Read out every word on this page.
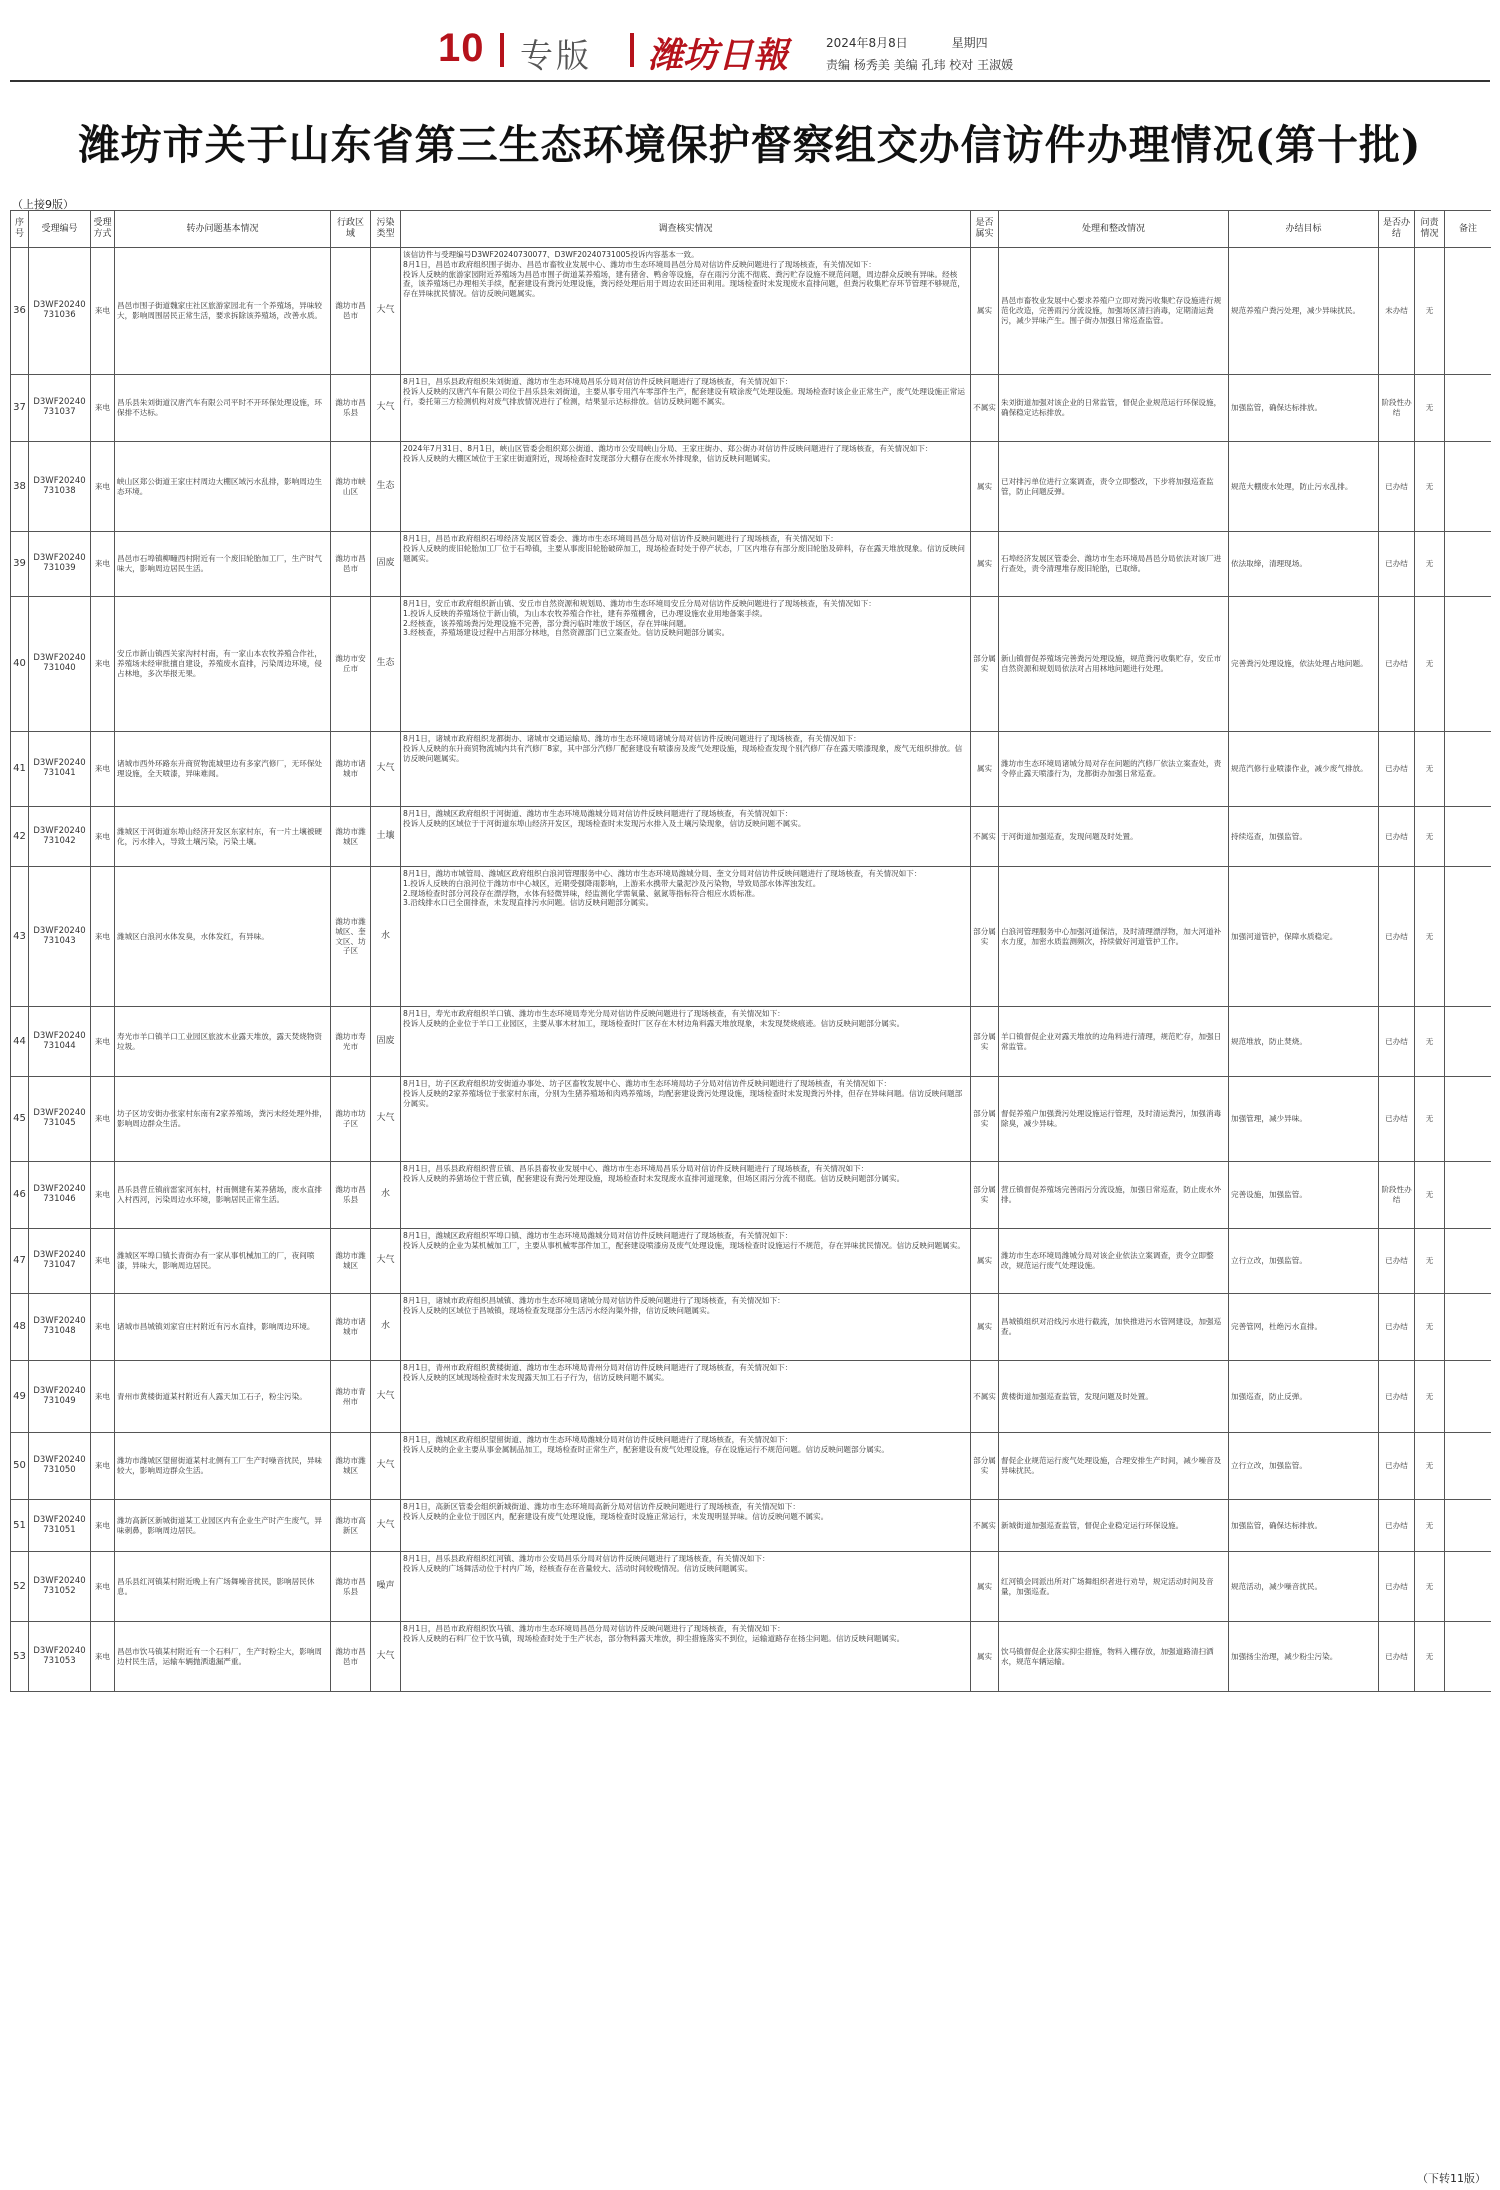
10 专版 潍坊日報	2024年8月8日	星期四
责编 杨秀美 美编 孔玮 校对 王淑媛
潍坊市关于山东省第三生态环境保护督察组交办信访件办理情况(第十批)
（上接9版）
序号	受理编号	受理方式	转办问题基本情况	行政区域	污染类型	调查核实情况	是否属实	处理和整改情况	办结目标	是否办结	问责情况	备注
36	D3WF20240731036	来电	昌邑市围子街道魏家庄社区旅游家园北有一个养殖场，异味较大，影响周围居民正常生活，要求拆除该养殖场，改善水质。	潍坊市昌邑市	大气	该信访件与受理编号D3WF20240730077、D3WF20240731005投诉内容基本一致。

8月1日，昌邑市政府组织围子街办、昌邑市畜牧业发展中心、潍坊市生态环境局昌邑分局对信访件反映问题进行了现场核查，有关情况如下：

投诉人反映的旅游家园附近养殖场为昌邑市围子街道某养殖场，建有猪舍、鸭舍等设施，存在雨污分流不彻底、粪污贮存设施不规范问题，周边群众反映有异味。经核查，该养殖场已办理相关手续，配套建设有粪污处理设施，粪污经处理后用于周边农田还田利用。现场检查时未发现废水直排问题，但粪污收集贮存环节管理不够规范，存在异味扰民情况。信访反映问题属实。	属实	昌邑市畜牧业发展中心要求养殖户立即对粪污收集贮存设施进行规范化改造，完善雨污分流设施，加强场区清扫消毒，定期清运粪污，减少异味产生。围子街办加强日常巡查监管。	规范养殖户粪污处理，减少异味扰民。	未办结	无	
37	D3WF20240731037	来电	昌乐县朱刘街道汉唐汽车有限公司平时不开环保处理设施，环保排不达标。	潍坊市昌乐县	大气	8月1日，昌乐县政府组织朱刘街道、潍坊市生态环境局昌乐分局对信访件反映问题进行了现场核查，有关情况如下：

投诉人反映的汉唐汽车有限公司位于昌乐县朱刘街道，主要从事专用汽车零部件生产，配套建设有喷涂废气处理设施。现场检查时该企业正常生产，废气处理设施正常运行，委托第三方检测机构对废气排放情况进行了检测，结果显示达标排放。信访反映问题不属实。	不属实	朱刘街道加强对该企业的日常监管，督促企业规范运行环保设施，确保稳定达标排放。	加强监管，确保达标排放。	阶段性办结	无	
38	D3WF20240731038	来电	峡山区郑公街道王家庄村周边大棚区域污水乱排，影响周边生态环境。	潍坊市峡山区	生态	2024年7月31日、8月1日，峡山区管委会组织郑公街道、潍坊市公安局峡山分局、王家庄街办、郑公街办对信访件反映问题进行了现场核查，有关情况如下：

投诉人反映的大棚区域位于王家庄街道附近，现场检查时发现部分大棚存在废水外排现象，信访反映问题属实。	属实	已对排污单位进行立案调查，责令立即整改，下步将加强巡查监管，防止问题反弹。	规范大棚废水处理，防止污水乱排。	已办结	无	
39	D3WF20240731039	来电	昌邑市石埠镇柳疃西村附近有一个废旧轮胎加工厂，生产时气味大，影响周边居民生活。	潍坊市昌邑市	固废	8月1日，昌邑市政府组织石埠经济发展区管委会、潍坊市生态环境局昌邑分局对信访件反映问题进行了现场核查，有关情况如下：

投诉人反映的废旧轮胎加工厂位于石埠镇，主要从事废旧轮胎破碎加工，现场检查时处于停产状态，厂区内堆存有部分废旧轮胎及碎料，存在露天堆放现象。信访反映问题属实。	属实	石埠经济发展区管委会、潍坊市生态环境局昌邑分局依法对该厂进行查处，责令清理堆存废旧轮胎，已取缔。	依法取缔，清理现场。	已办结	无	
40	D3WF20240731040	来电	安丘市新山镇西关家沟村村南，有一家山本农牧养殖合作社，养殖场未经审批擅自建设，养殖废水直排，污染周边环境，侵占林地，多次举报无果。	潍坊市安丘市	生态	8月1日，安丘市政府组织新山镇、安丘市自然资源和规划局、潍坊市生态环境局安丘分局对信访件反映问题进行了现场核查，有关情况如下：

1.投诉人反映的养殖场位于新山镇，为山本农牧养殖合作社，建有养殖棚舍，已办理设施农业用地备案手续。

2.经核查，该养殖场粪污处理设施不完善，部分粪污临时堆放于场区，存在异味问题。

3.经核查，养殖场建设过程中占用部分林地，自然资源部门已立案查处。信访反映问题部分属实。	部分属实	新山镇督促养殖场完善粪污处理设施，规范粪污收集贮存，安丘市自然资源和规划局依法对占用林地问题进行处理。	完善粪污处理设施，依法处理占地问题。	已办结	无	
41	D3WF20240731041	来电	诸城市西外环路东升商贸物流城里边有多家汽修厂，无环保处理设施，全天喷漆，异味难闻。	潍坊市诸城市	大气	8月1日，诸城市政府组织龙都街办、诸城市交通运输局、潍坊市生态环境局诸城分局对信访件反映问题进行了现场核查，有关情况如下：

投诉人反映的东升商贸物流城内共有汽修厂8家，其中部分汽修厂配套建设有喷漆房及废气处理设施，现场检查发现个别汽修厂存在露天喷漆现象，废气无组织排放。信访反映问题属实。	属实	潍坊市生态环境局诸城分局对存在问题的汽修厂依法立案查处，责令停止露天喷漆行为，龙都街办加强日常巡查。	规范汽修行业喷漆作业，减少废气排放。	已办结	无	
42	D3WF20240731042	来电	潍城区于河街道东埠山经济开发区东家村东，有一片土壤被硬化，污水排入，导致土壤污染，污染土壤。	潍坊市潍城区	土壤	8月1日，潍城区政府组织于河街道、潍坊市生态环境局潍城分局对信访件反映问题进行了现场核查，有关情况如下：

投诉人反映的区域位于于河街道东埠山经济开发区，现场检查时未发现污水排入及土壤污染现象，信访反映问题不属实。	不属实	于河街道加强巡查，发现问题及时处置。	持续巡查，加强监管。	已办结	无	
43	D3WF20240731043	来电	潍城区白浪河水体发臭，水体发红，有异味。	潍坊市潍城区、奎文区、坊子区	水	8月1日，潍坊市城管局、潍城区政府组织白浪河管理服务中心、潍坊市生态环境局潍城分局、奎文分局对信访件反映问题进行了现场核查，有关情况如下：

1.投诉人反映的白浪河位于潍坊市中心城区，近期受强降雨影响，上游来水携带大量泥沙及污染物，导致局部水体浑浊发红。

2.现场检查时部分河段存在漂浮物，水体有轻微异味，经监测化学需氧量、氨氮等指标符合相应水质标准。

3.沿线排水口已全面排查，未发现直排污水问题。信访反映问题部分属实。	部分属实	白浪河管理服务中心加强河道保洁，及时清理漂浮物，加大河道补水力度，加密水质监测频次，持续做好河道管护工作。	加强河道管护，保障水质稳定。	已办结	无	
44	D3WF20240731044	来电	寿光市羊口镇羊口工业园区旅波木业露天堆放，露天焚烧物资垃圾。	潍坊市寿光市	固废	8月1日，寿光市政府组织羊口镇、潍坊市生态环境局寿光分局对信访件反映问题进行了现场核查，有关情况如下：

投诉人反映的企业位于羊口工业园区，主要从事木材加工，现场检查时厂区存在木材边角料露天堆放现象，未发现焚烧痕迹。信访反映问题部分属实。	部分属实	羊口镇督促企业对露天堆放的边角料进行清理，规范贮存，加强日常监管。	规范堆放，防止焚烧。	已办结	无	
45	D3WF20240731045	来电	坊子区坊安街办张家村东南有2家养殖场，粪污未经处理外排，影响周边群众生活。	潍坊市坊子区	大气	8月1日，坊子区政府组织坊安街道办事处、坊子区畜牧发展中心、潍坊市生态环境局坊子分局对信访件反映问题进行了现场核查，有关情况如下：

投诉人反映的2家养殖场位于张家村东南，分别为生猪养殖场和肉鸡养殖场，均配套建设粪污处理设施，现场检查时未发现粪污外排，但存在异味问题。信访反映问题部分属实。	部分属实	督促养殖户加强粪污处理设施运行管理，及时清运粪污，加强消毒除臭，减少异味。	加强管理，减少异味。	已办结	无	
46	D3WF20240731046	来电	昌乐县营丘镇前雷家河东村，村南侧建有某养猪场，废水直排入村西河，污染周边水环境，影响居民正常生活。	潍坊市昌乐县	水	8月1日，昌乐县政府组织营丘镇、昌乐县畜牧业发展中心、潍坊市生态环境局昌乐分局对信访件反映问题进行了现场核查，有关情况如下：

投诉人反映的养猪场位于营丘镇，配套建设有粪污处理设施，现场检查时未发现废水直排河道现象，但场区雨污分流不彻底。信访反映问题部分属实。	部分属实	营丘镇督促养殖场完善雨污分流设施，加强日常巡查，防止废水外排。	完善设施，加强监管。	阶段性办结	无	
47	D3WF20240731047	来电	潍城区军埠口镇长青街办有一家从事机械加工的厂，夜间喷漆，异味大，影响周边居民。	潍坊市潍城区	大气	8月1日，潍城区政府组织军埠口镇、潍坊市生态环境局潍城分局对信访件反映问题进行了现场核查，有关情况如下：

投诉人反映的企业为某机械加工厂，主要从事机械零部件加工，配套建设喷漆房及废气处理设施，现场检查时设施运行不规范，存在异味扰民情况。信访反映问题属实。	属实	潍坊市生态环境局潍城分局对该企业依法立案调查，责令立即整改，规范运行废气处理设施。	立行立改，加强监管。	已办结	无	
48	D3WF20240731048	来电	诸城市昌城镇刘家官庄村附近有污水直排，影响周边环境。	潍坊市诸城市	水	8月1日，诸城市政府组织昌城镇、潍坊市生态环境局诸城分局对信访件反映问题进行了现场核查，有关情况如下：

投诉人反映的区域位于昌城镇，现场检查发现部分生活污水经沟渠外排，信访反映问题属实。	属实	昌城镇组织对沿线污水进行截流，加快推进污水管网建设，加强巡查。	完善管网，杜绝污水直排。	已办结	无	
49	D3WF20240731049	来电	青州市黄楼街道某村附近有人露天加工石子，粉尘污染。	潍坊市青州市	大气	8月1日，青州市政府组织黄楼街道、潍坊市生态环境局青州分局对信访件反映问题进行了现场核查，有关情况如下：

投诉人反映的区域现场检查时未发现露天加工石子行为，信访反映问题不属实。	不属实	黄楼街道加强巡查监管，发现问题及时处置。	加强巡查，防止反弹。	已办结	无	
50	D3WF20240731050	来电	潍坊市潍城区望留街道某村北侧有工厂生产时噪音扰民，异味较大，影响周边群众生活。	潍坊市潍城区	大气	8月1日，潍城区政府组织望留街道、潍坊市生态环境局潍城分局对信访件反映问题进行了现场核查，有关情况如下：

投诉人反映的企业主要从事金属制品加工，现场检查时正常生产，配套建设有废气处理设施，存在设施运行不规范问题。信访反映问题部分属实。	部分属实	督促企业规范运行废气处理设施，合理安排生产时间，减少噪音及异味扰民。	立行立改，加强监管。	已办结	无	
51	D3WF20240731051	来电	潍坊高新区新城街道某工业园区内有企业生产时产生废气，异味刺鼻，影响周边居民。	潍坊市高新区	大气	8月1日，高新区管委会组织新城街道、潍坊市生态环境局高新分局对信访件反映问题进行了现场核查，有关情况如下：

投诉人反映的企业位于园区内，配套建设有废气处理设施，现场检查时设施正常运行，未发现明显异味。信访反映问题不属实。	不属实	新城街道加强巡查监管，督促企业稳定运行环保设施。	加强监管，确保达标排放。	已办结	无	
52	D3WF20240731052	来电	昌乐县红河镇某村附近晚上有广场舞噪音扰民，影响居民休息。	潍坊市昌乐县	噪声	8月1日，昌乐县政府组织红河镇、潍坊市公安局昌乐分局对信访件反映问题进行了现场核查，有关情况如下：

投诉人反映的广场舞活动位于村内广场，经核查存在音量较大、活动时间较晚情况。信访反映问题属实。	属实	红河镇会同派出所对广场舞组织者进行劝导，规定活动时间及音量，加强巡查。	规范活动，减少噪音扰民。	已办结	无	
53	D3WF20240731053	来电	昌邑市饮马镇某村附近有一个石料厂，生产时粉尘大，影响周边村民生活，运输车辆抛洒遗漏严重。	潍坊市昌邑市	大气	8月1日，昌邑市政府组织饮马镇、潍坊市生态环境局昌邑分局对信访件反映问题进行了现场核查，有关情况如下：

投诉人反映的石料厂位于饮马镇，现场检查时处于生产状态，部分物料露天堆放，抑尘措施落实不到位，运输道路存在扬尘问题。信访反映问题属实。	属实	饮马镇督促企业落实抑尘措施，物料入棚存放，加强道路清扫洒水，规范车辆运输。	加强扬尘治理，减少粉尘污染。	已办结	无	
（下转11版）
